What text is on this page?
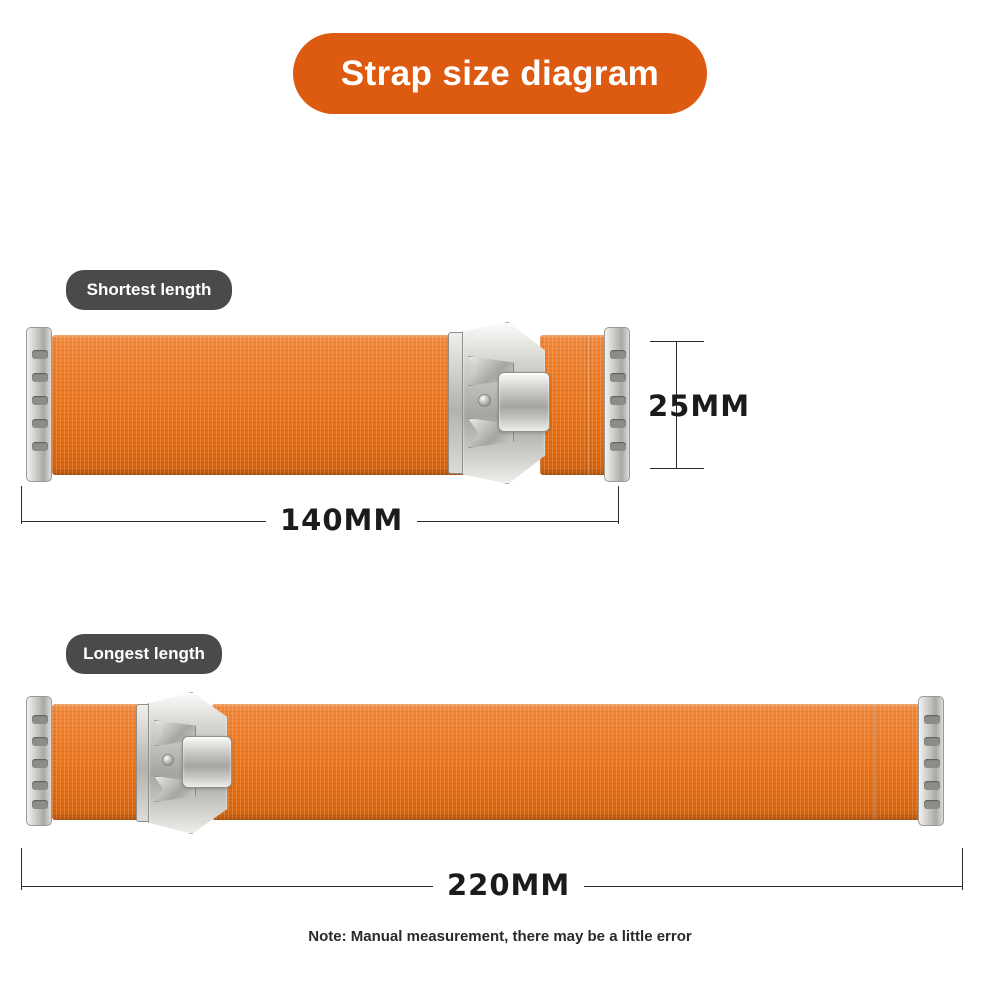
Strap size diagram
Shortest length
25MM
140MM
Longest length
220MM
Note: Manual measurement, there may be a little error
